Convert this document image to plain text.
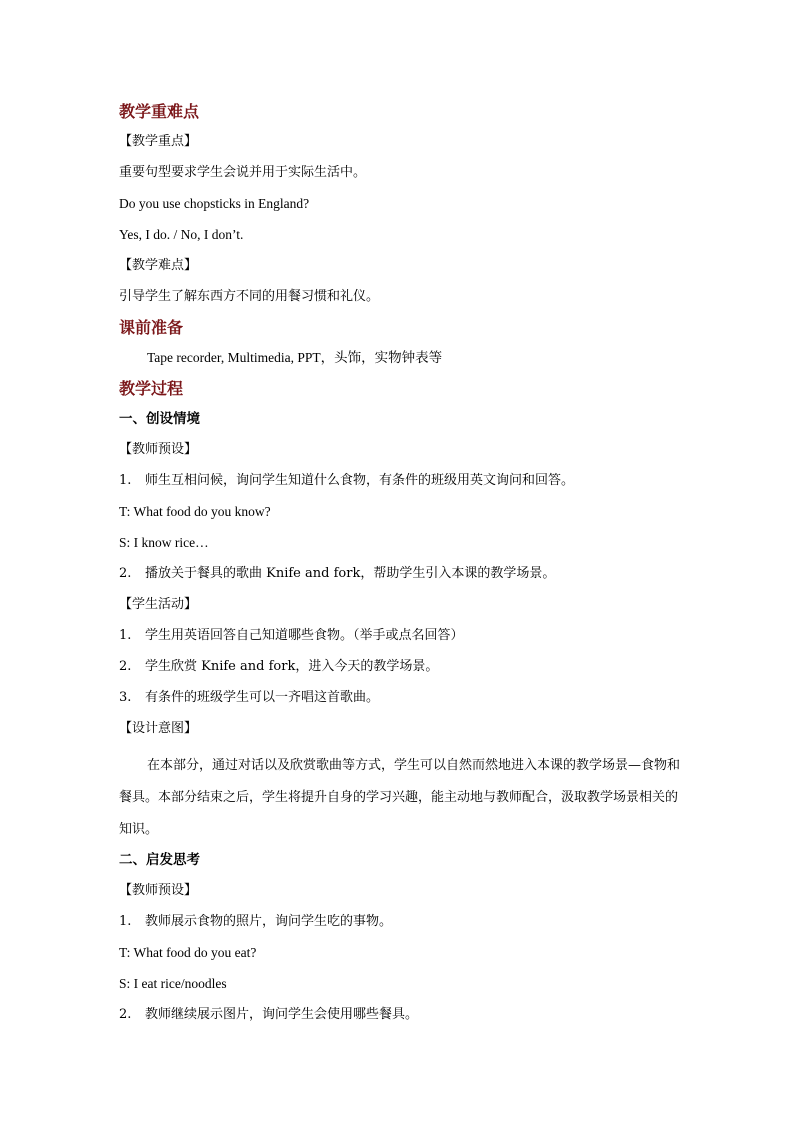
教学重难点
【教学重点】
重要句型要求学生会说并用于实际生活中。
Do you use chopsticks in England?
Yes, I do. / No, I don’t.
【教学难点】
引导学生了解东西方不同的用餐习惯和礼仪。
课前准备
Tape recorder, Multimedia, PPT，头饰，实物钟表等
教学过程
一、创设情境
【教师预设】
1. 师生互相问候，询问学生知道什么食物，有条件的班级用英文询问和回答。
T: What food do you know?
S: I know rice…
2. 播放关于餐具的歌曲 Knife and fork，帮助学生引入本课的教学场景。
【学生活动】
1. 学生用英语回答自己知道哪些食物。（举手或点名回答）
2. 学生欣赏 Knife and fork，进入今天的教学场景。
3. 有条件的班级学生可以一齐唱这首歌曲。
【设计意图】
在本部分，通过对话以及欣赏歌曲等方式，学生可以自然而然地进入本课的教学场景—食物和餐具。本部分结束之后，学生将提升自身的学习兴趣，能主动地与教师配合，汲取教学场景相关的知识。
二、启发思考
【教师预设】
1. 教师展示食物的照片，询问学生吃的事物。
T: What food do you eat?
S: I eat rice/noodles
2. 教师继续展示图片，询问学生会使用哪些餐具。
